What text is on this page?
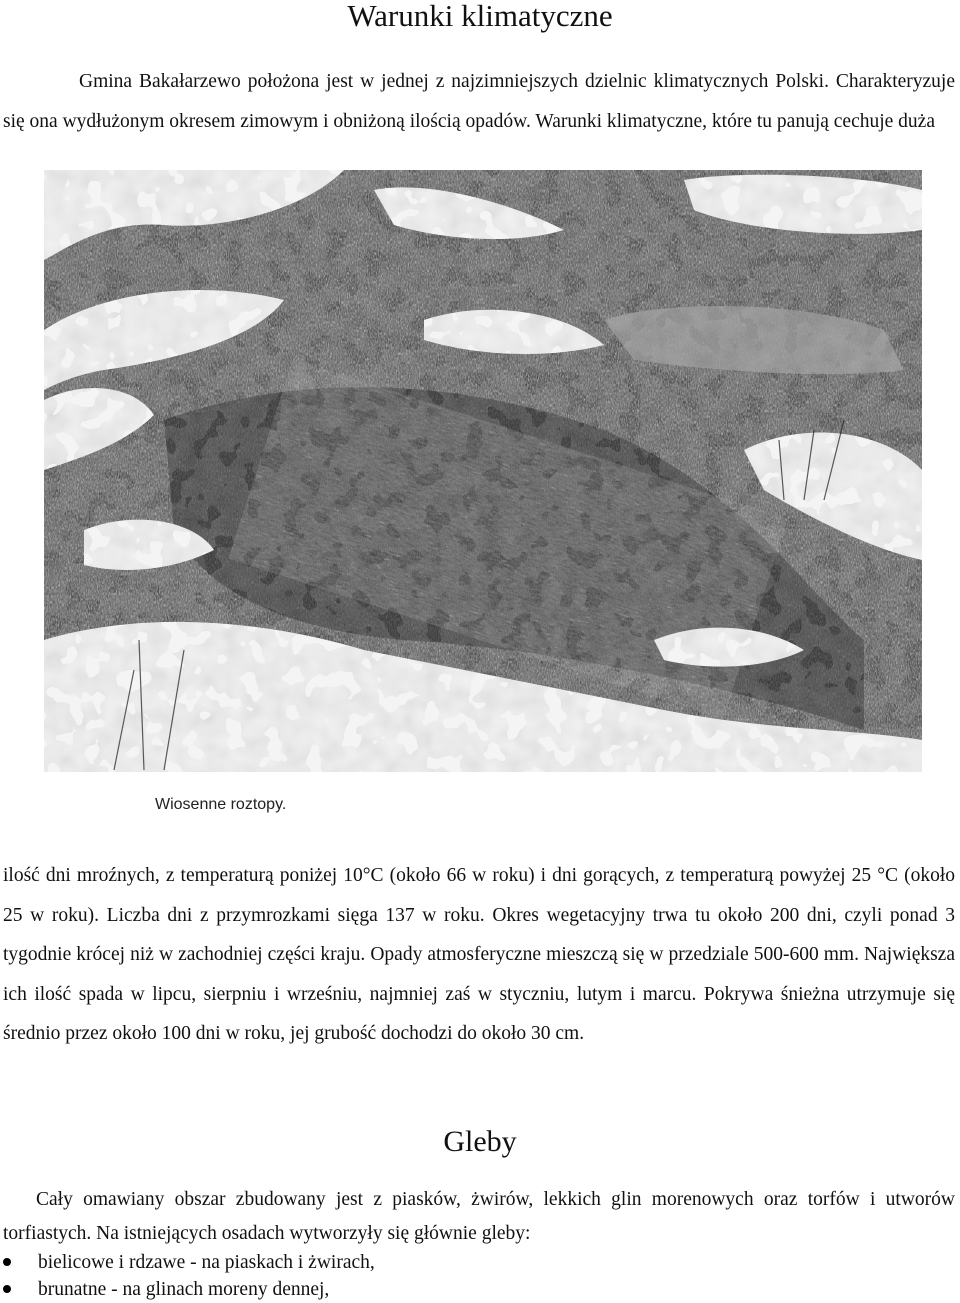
Warunki klimatyczne

Gmina Bakałarzewo położona jest w jednej z najzimniejszych dzielnic klimatycznych Polski. Charakteryzuje się ona wydłużonym okresem zimowym i obniżoną ilością opadów. Warunki klimatyczne, które tu panują cechuje duża

Wiosenne roztopy.

ilość dni mroźnych, z temperaturą poniżej 10°C (około 66 w roku) i dni gorących, z temperaturą powyżej 25 °C (około 25 w roku). Liczba dni z przymrozkami sięga 137 w roku. Okres wegetacyjny trwa tu około 200 dni, czyli ponad 3 tygodnie krócej niż w zachodniej części kraju. Opady atmosferyczne mieszczą się w przedziale 500-600 mm. Największa ich ilość spada w lipcu, sierpniu i wrześniu, najmniej zaś w styczniu, lutym i marcu. Pokrywa śnieżna utrzymuje się średnio przez około 100 dni w roku, jej grubość dochodzi do około 30 cm.

Gleby

Cały omawiany obszar zbudowany jest z piasków, żwirów, lekkich glin morenowych oraz torfów i utworów torfiastych. Na istniejących osadach wytworzyły się głównie gleby:

bielicowe i rdzawe - na piaskach i żwirach,
brunatne - na glinach moreny dennej,
